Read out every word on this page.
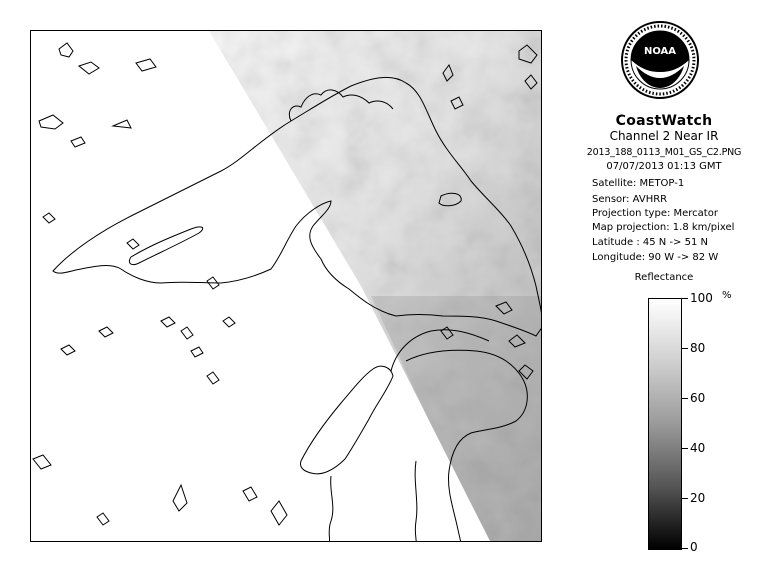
NOAA
CoastWatch
Channel 2 Near IR
2013_188_0113_M01_GS_C2.PNG
07/07/2013 01:13 GMT
Satellite: METOP-1
Sensor: AVHRR
Projection type: Mercator
Map projection: 1.8 km/pixel
Latitude : 45 N -> 51 N
Longitude: 90 W -> 82 W
Reflectance
%
100
80
60
40
20
0
